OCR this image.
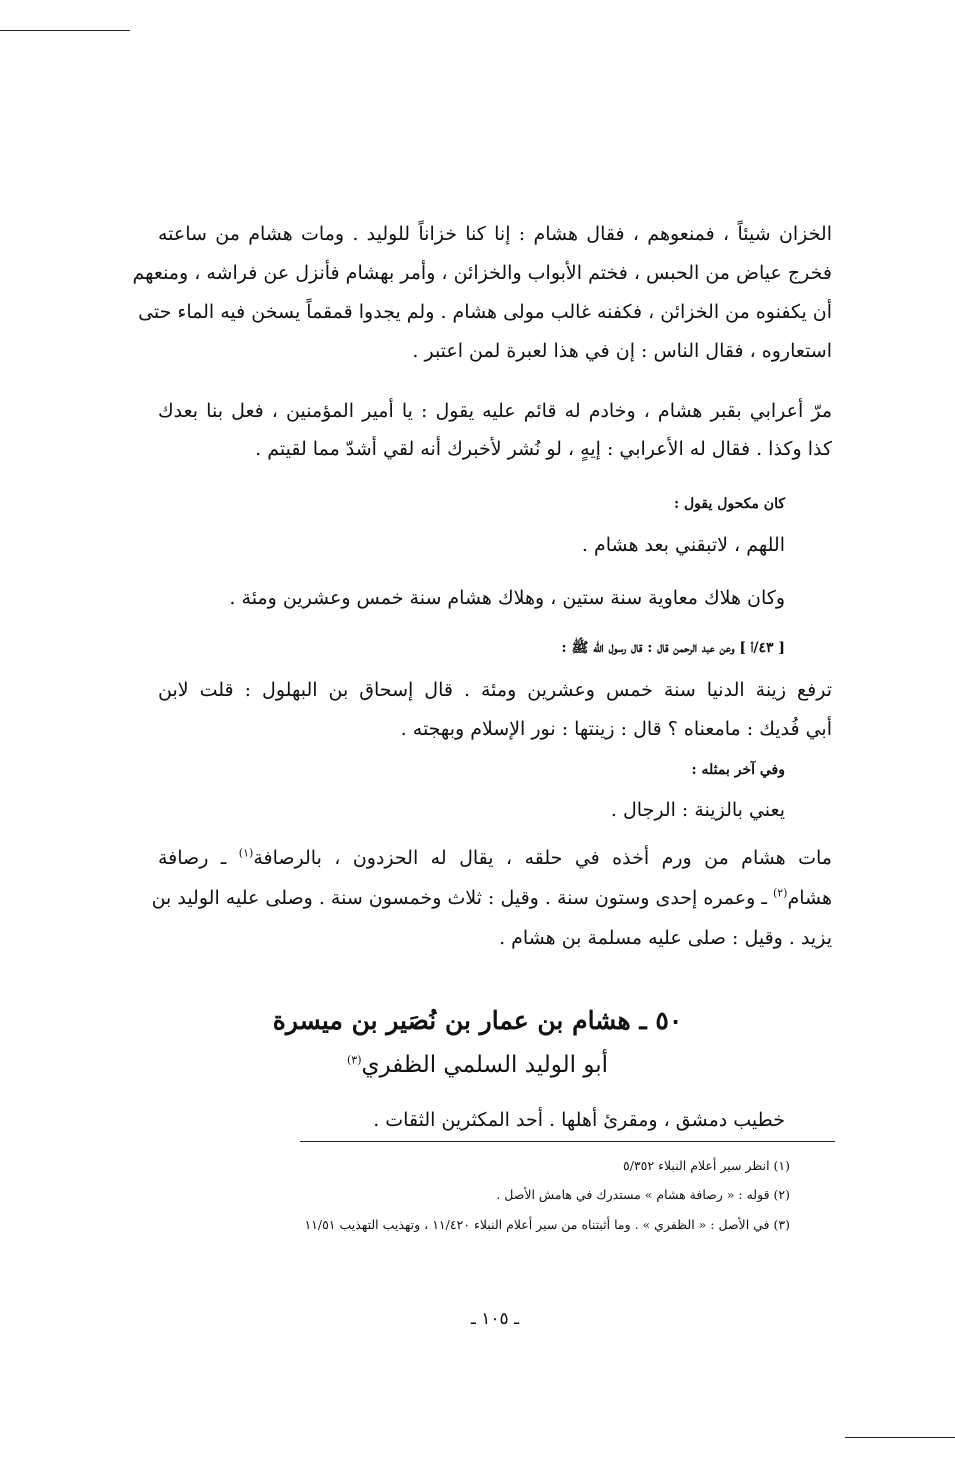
الخزان شيئاً ، فمنعوهم ، فقال هشام : إنا كنا خزاناً للوليد . ومات هشام من ساعته
فخرج عياض من الحبس ، فختم الأبواب والخزائن ، وأمر بهشام فأنزل عن فراشه ، ومنعهم
أن يكفنوه من الخزائن ، فكفنه غالب مولى هشام . ولم يجدوا قمقماً يسخن فيه الماء حتى
استعاروه ، فقال الناس : إن في هذا لعبرة لمن اعتبر .
مرّ أعرابي بقبر هشام ، وخادم له قائم عليه يقول : يا أمير المؤمنين ، فعل بنا بعدك
كذا وكذا . فقال له الأعرابي : إيهٍ ، لو نُشر لأخبرك أنه لقي أشدّ مما لقيتم .
كان مكحول يقول :
اللهم ، لاتبقني بعد هشام .
وكان هلاك معاوية سنة ستين ، وهلاك هشام سنة خمس وعشرين ومئة .
[ ٤٣/أ ] وعن عبد الرحمن قال : قال رسول الله ﷺ :
ترفع زينة الدنيا سنة خمس وعشرين ومئة . قال إسحاق بن البهلول : قلت لابن
أبي فُديك : مامعناه ؟ قال : زينتها : نور الإسلام وبهجته .
وفي آخر بمثله :
يعني بالزينة : الرجال .
مات هشام من ورم أخذه في حلقه ، يقال له الحزدون ، بالرصافة$^{(١)}$ ـ رصافة
هشام$^{(٢)}$ ـ وعمره إحدى وستون سنة . وقيل : ثلاث وخمسون سنة . وصلى عليه الوليد بن
يزيد . وقيل : صلى عليه مسلمة بن هشام .
٥٠ ـ هشام بن عمار بن نُصَير بن ميسرة
أبو الوليد السلمي الظفري$^{(٣)}$
خطيب دمشق ، ومقرئ أهلها . أحد المكثرين الثقات .
(١) انظر سير أعلام النبلاء ٥/٣٥٢
(٢) قوله : « رصافة هشام » مستدرك في هامش الأصل .
(٣) في الأصل : « الظفري » . وما أثبتناه من سير أعلام النبلاء ١١/٤٢٠ ، وتهذيب التهذيب ١١/٥١
ـ ١٠٥ ـ
